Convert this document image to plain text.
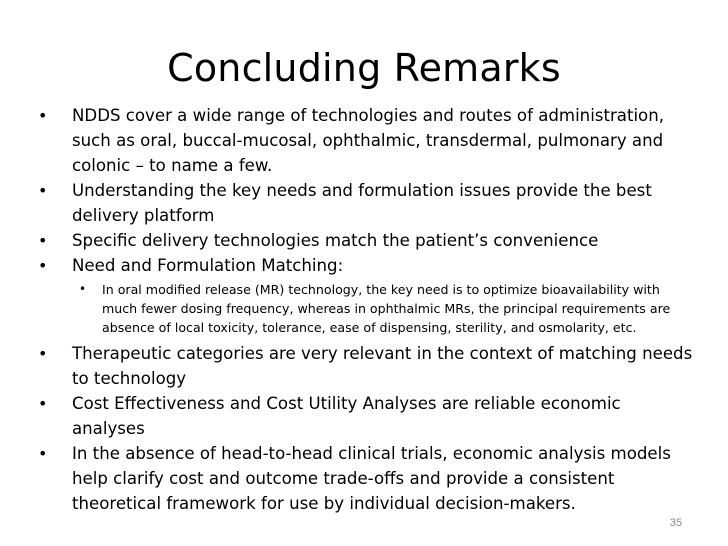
Concluding Remarks
• NDDS cover a wide range of technologies and routes of administration, such as oral, buccal-mucosal, ophthalmic, transdermal, pulmonary and colonic – to name a few.
• Understanding the key needs and formulation issues provide the best delivery platform
• Specific delivery technologies match the patient’s convenience
• Need and Formulation Matching:
• In oral modified release (MR) technology, the key need is to optimize bioavailability with much fewer dosing frequency, whereas in ophthalmic MRs, the principal requirements are absence of local toxicity, tolerance, ease of dispensing, sterility, and osmolarity, etc.
• Therapeutic categories are very relevant in the context of matching needs to technology
• Cost Effectiveness and Cost Utility Analyses are reliable economic analyses
• In the absence of head-to-head clinical trials, economic analysis models help clarify cost and outcome trade-offs and provide a consistent theoretical framework for use by individual decision-makers.
35
